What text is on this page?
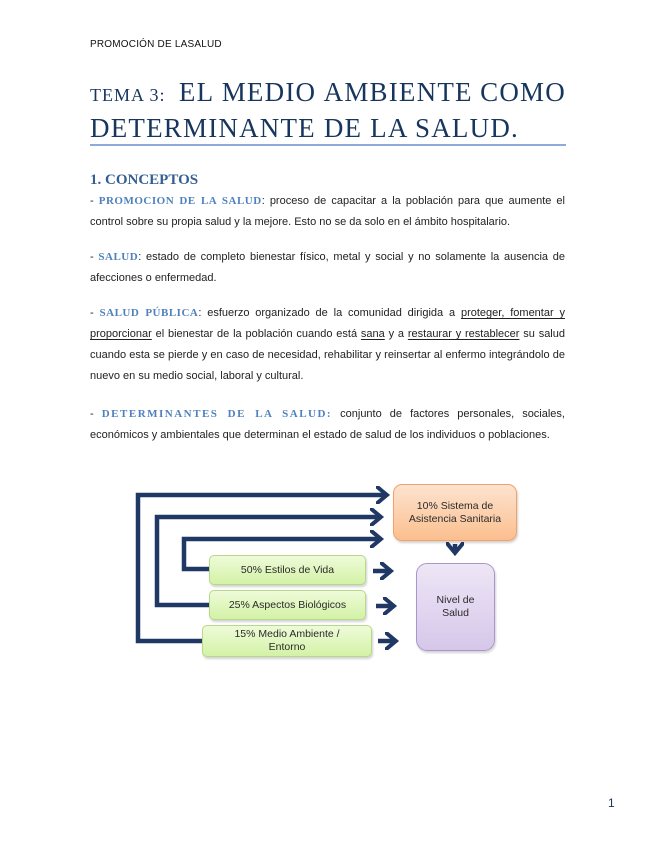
PROMOCIÓN DE LASALUD
TEMA 3: EL MEDIO AMBIENTE COMO
DETERMINANTE DE LA SALUD.
1. CONCEPTOS
- PROMOCION DE LA SALUD: proceso de capacitar a la población para que aumente el control sobre su propia salud y la mejore. Esto no se da solo en el ámbito hospitalario.
- SALUD: estado de completo bienestar físico, metal y social y no solamente la ausencia de afecciones o enfermedad.
- SALUD PÚBLICA: esfuerzo organizado de la comunidad dirigida a proteger, fomentar y proporcionar el bienestar de la población cuando está sana y a restaurar y restablecer su salud cuando esta se pierde y en caso de necesidad, rehabilitar y reinsertar al enfermo integrándolo de nuevo en su medio social, laboral y cultural.
- DETERMINANTES DE LA SALUD: conjunto de factores personales, sociales, económicos y ambientales que determinan el estado de salud de los individuos o poblaciones.
10% Sistema de Asistencia Sanitaria
50% Estilos de Vida
25% Aspectos Biológicos
15% Medio Ambiente / Entorno
Nivel de Salud
1
